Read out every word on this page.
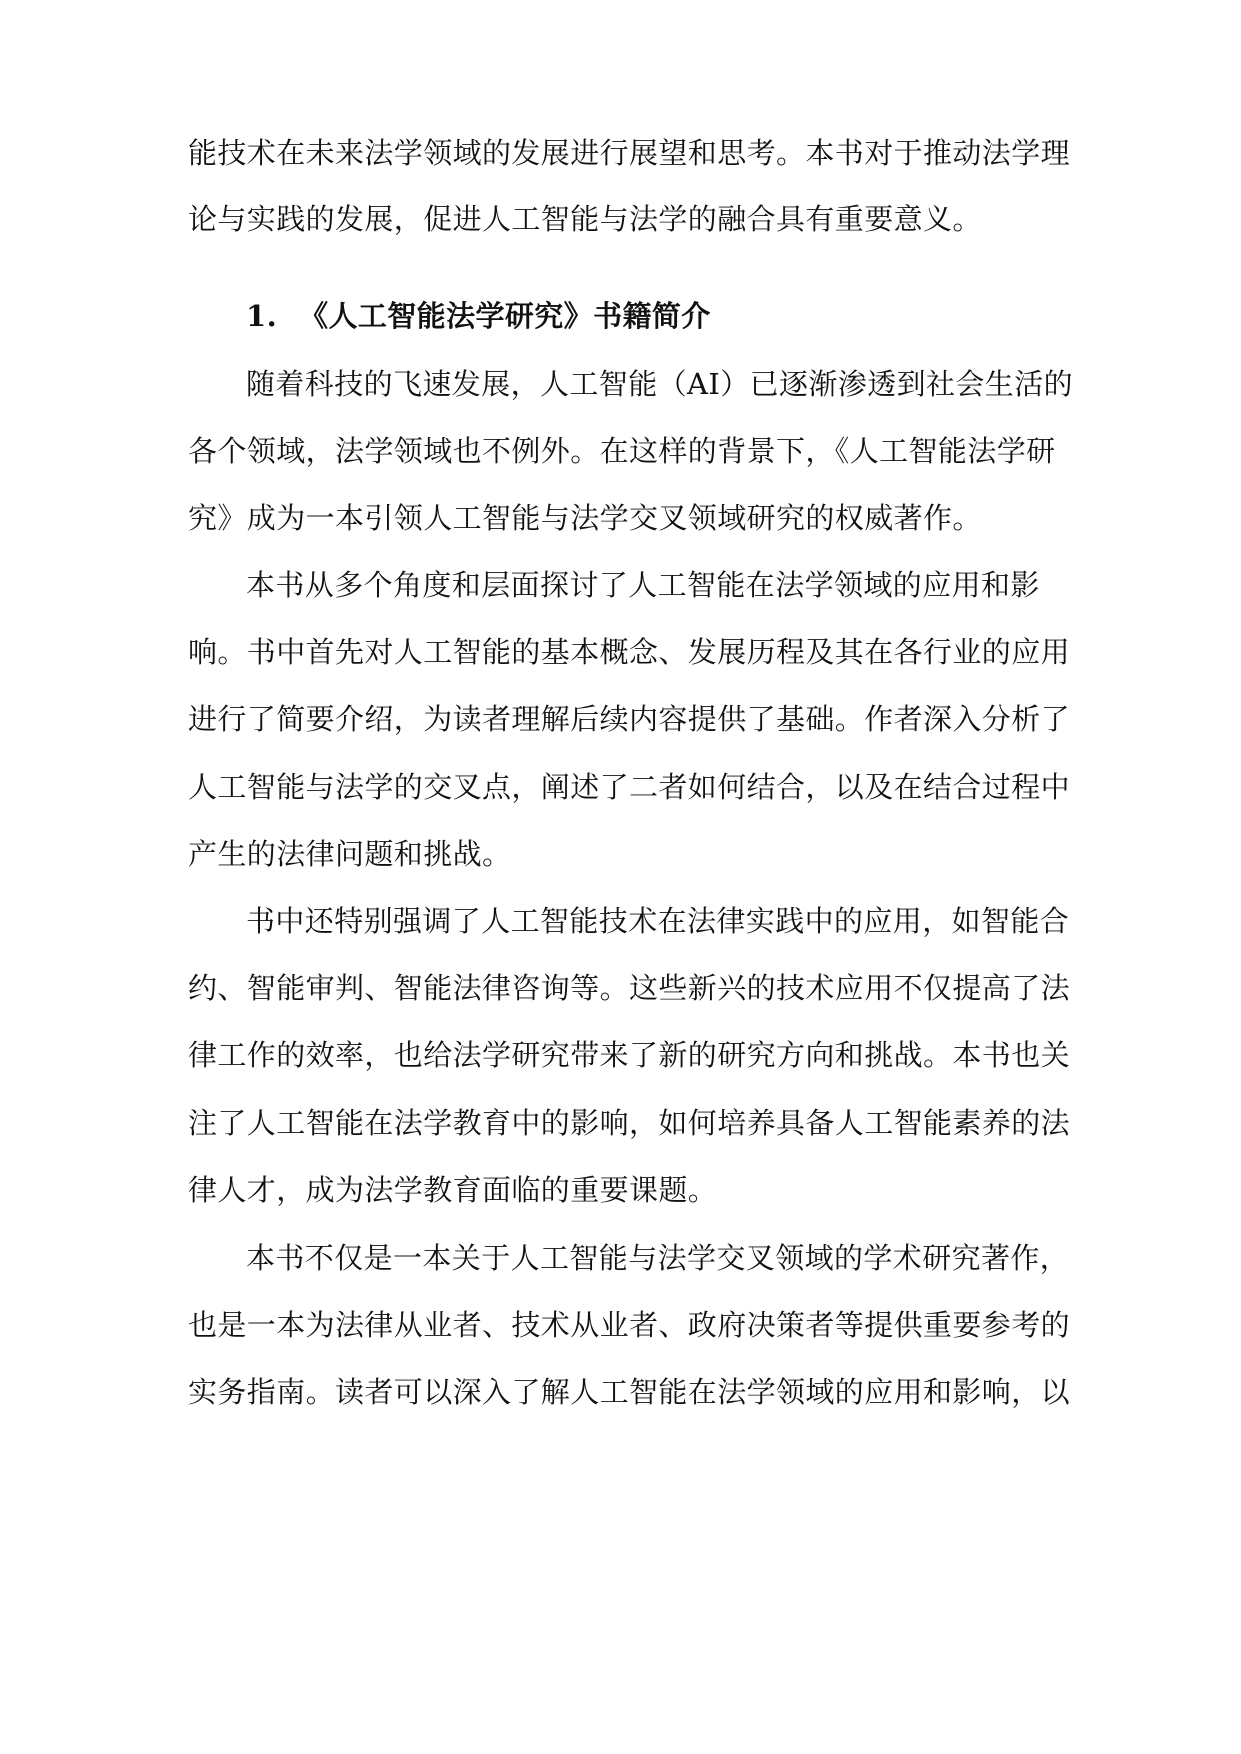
能技术在未来法学领域的发展进行展望和思考。本书对于推动法学理
论与实践的发展，促进人工智能与法学的融合具有重要意义。
1. 《人工智能法学研究》书籍简介
随着科技的飞速发展，人工智能（AI）已逐渐渗透到社会生活的
各个领域，法学领域也不例外。在这样的背景下，《人工智能法学研
究》成为一本引领人工智能与法学交叉领域研究的权威著作。
本书从多个角度和层面探讨了人工智能在法学领域的应用和影
响。书中首先对人工智能的基本概念、发展历程及其在各行业的应用
进行了简要介绍，为读者理解后续内容提供了基础。作者深入分析了
人工智能与法学的交叉点，阐述了二者如何结合，以及在结合过程中
产生的法律问题和挑战。
书中还特别强调了人工智能技术在法律实践中的应用，如智能合
约、智能审判、智能法律咨询等。这些新兴的技术应用不仅提高了法
律工作的效率，也给法学研究带来了新的研究方向和挑战。本书也关
注了人工智能在法学教育中的影响，如何培养具备人工智能素养的法
律人才，成为法学教育面临的重要课题。
本书不仅是一本关于人工智能与法学交叉领域的学术研究著作，
也是一本为法律从业者、技术从业者、政府决策者等提供重要参考的
实务指南。读者可以深入了解人工智能在法学领域的应用和影响，以
